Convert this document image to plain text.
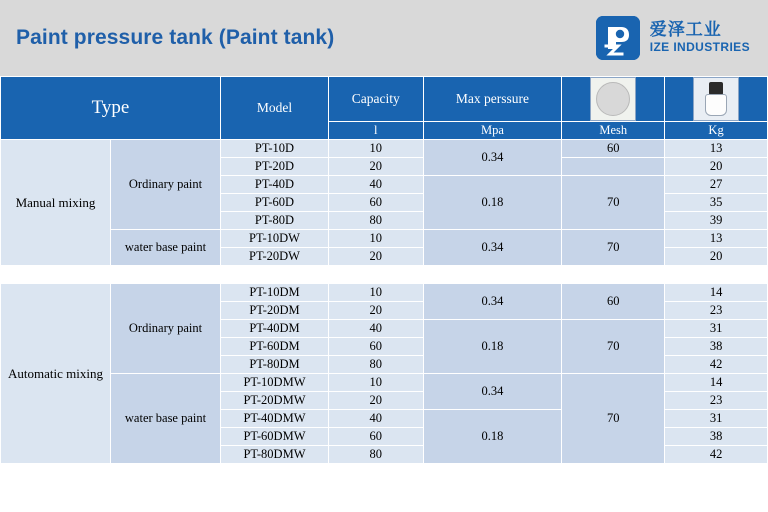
Paint pressure tank (Paint tank)	爱泽工业
IZE INDUSTRIES
Type		Model	Capacity	Max perssure	

			l	Mpa	Mesh	Kg
Manual mixing	Ordinary paint	PT-10D	10	0.34	60	13
		PT-20D	20			20
		PT-40D	40	0.18	70	27
		PT-60D	60			35
		PT-80D	80			39
	water base paint	PT-10DW	10	0.34	70	13
		PT-20DW	20			20

Automatic mixing	Ordinary paint	PT-10DM	10	0.34	60	14
		PT-20DM	20			23
		PT-40DM	40	0.18	70	31
		PT-60DM	60			38
		PT-80DM	80			42
	water base paint	PT-10DMW	10	0.34	70	14
		PT-20DMW	20			23
		PT-40DMW	40	0.18		31
		PT-60DMW	60			38
		PT-80DMW	80			42
